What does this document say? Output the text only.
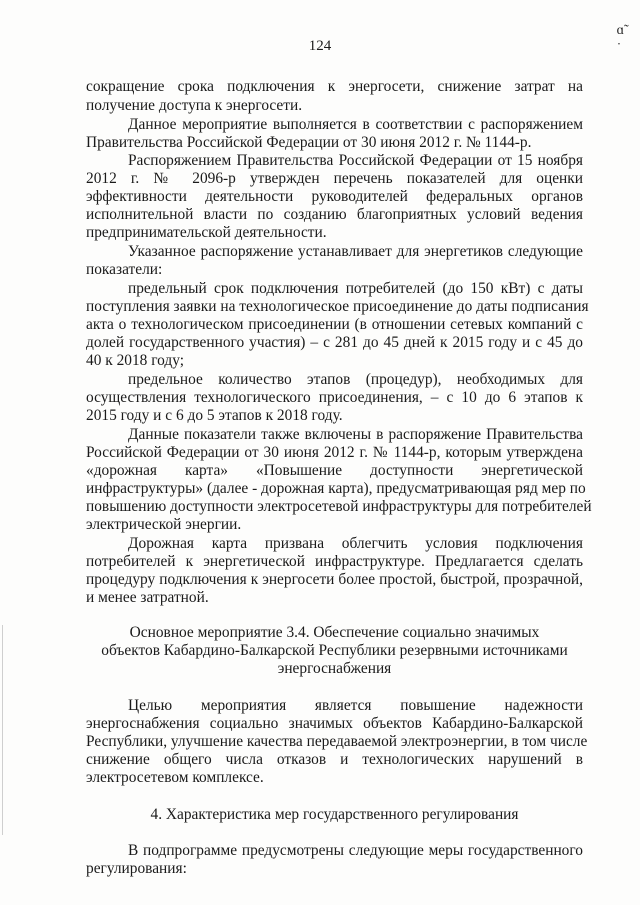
124
ɑ̃
˙
сокращение срока подключения к энергосети, снижение затрат на
получение доступа к энергосети.
Данное мероприятие выполняется в соответствии с распоряжением
Правительства Российской Федерации от 30 июня 2012 г. № 1144-р.
Распоряжением Правительства Российской Федерации от 15 ноября
2012 г. № 2096-р утвержден перечень показателей для оценки
эффективности деятельности руководителей федеральных органов
исполнительной власти по созданию благоприятных условий ведения
предпринимательской деятельности.
Указанное распоряжение устанавливает для энергетиков следующие
показатели:
предельный срок подключения потребителей (до 150 кВт) с даты
поступления заявки на технологическое присоединение до даты подписания
акта о технологическом присоединении (в отношении сетевых компаний с
долей государственного участия) – с 281 до 45 дней к 2015 году и с 45 до
40 к 2018 году;
предельное количество этапов (процедур), необходимых для
осуществления технологического присоединения, – с 10 до 6 этапов к
2015 году и с 6 до 5 этапов к 2018 году.
Данные показатели также включены в распоряжение Правительства
Российской Федерации от 30 июня 2012 г. № 1144-р, которым утверждена
«дорожная карта» «Повышение доступности энергетической
инфраструктуры» (далее - дорожная карта), предусматривающая ряд мер по
повышению доступности электросетевой инфраструктуры для потребителей
электрической энергии.
Дорожная карта призвана облегчить условия подключения
потребителей к энергетической инфраструктуре. Предлагается сделать
процедуру подключения к энергосети более простой, быстрой, прозрачной,
и менее затратной.
Основное мероприятие 3.4. Обеспечение социально значимых
объектов Кабардино-Балкарской Республики резервными источниками
энергоснабжения
Целью мероприятия является повышение надежности
энергоснабжения социально значимых объектов Кабардино-Балкарской
Республики, улучшение качества передаваемой электроэнергии, в том числе
снижение общего числа отказов и технологических нарушений в
электросетевом комплексе.
4. Характеристика мер государственного регулирования
В подпрограмме предусмотрены следующие меры государственного
регулирования:
